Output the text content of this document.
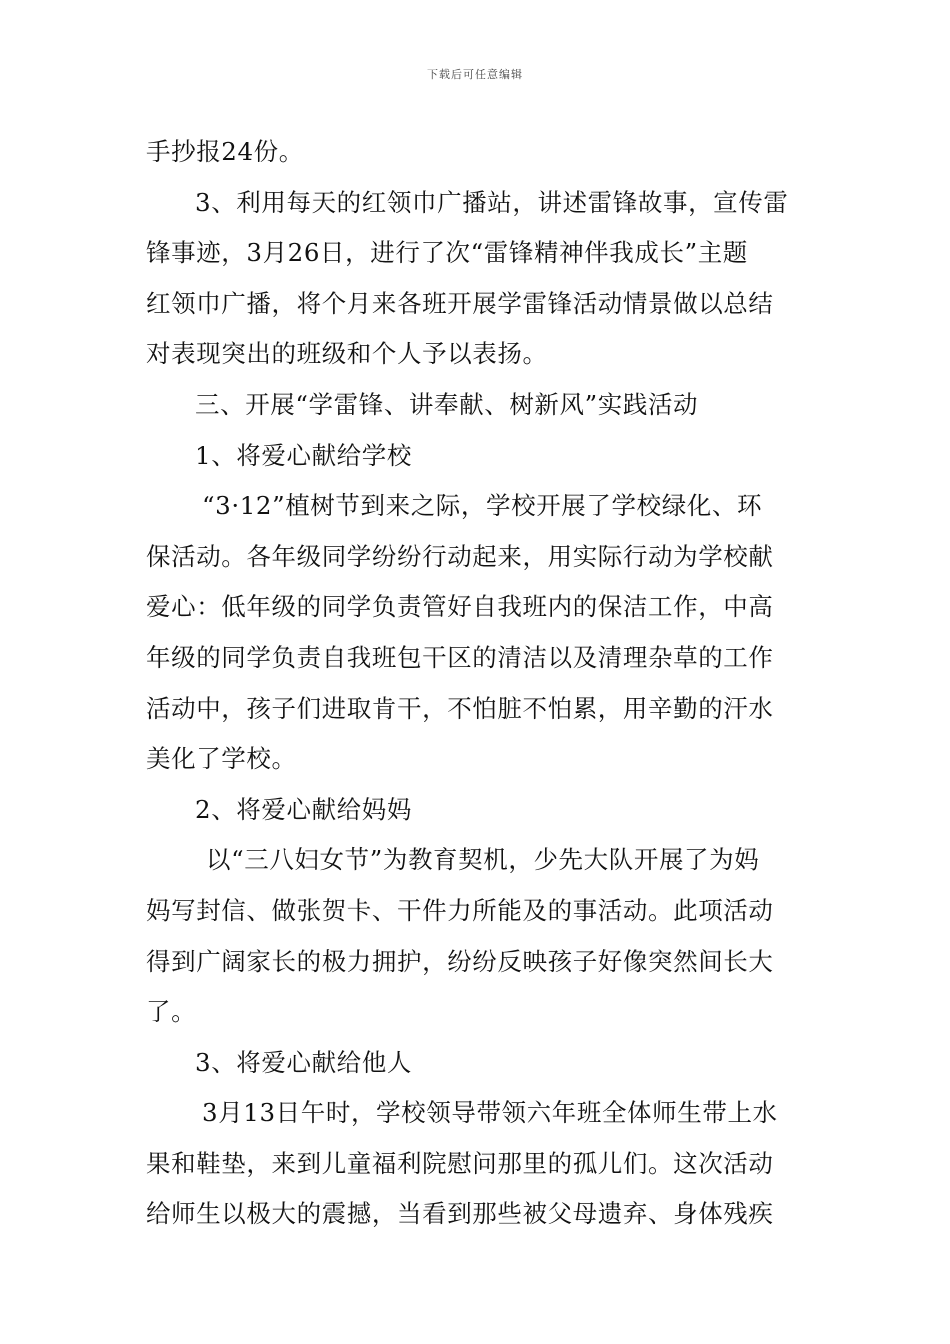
下载后可任意编辑
手抄报24份。
3、利用每天的红领巾广播站，讲述雷锋故事，宣传雷
锋事迹，3月26日，进行了次“雷锋精神伴我成长”主题
红领巾广播，将个月来各班开展学雷锋活动情景做以总结
对表现突出的班级和个人予以表扬。
三、开展“学雷锋、讲奉献、树新风”实践活动
1、将爱心献给学校
“3·12”植树节到来之际，学校开展了学校绿化、环
保活动。各年级同学纷纷行动起来，用实际行动为学校献
爱心：低年级的同学负责管好自我班内的保洁工作，中高
年级的同学负责自我班包干区的清洁以及清理杂草的工作
活动中，孩子们进取肯干，不怕脏不怕累，用辛勤的汗水
美化了学校。
2、将爱心献给妈妈
以“三八妇女节”为教育契机，少先大队开展了为妈
妈写封信、做张贺卡、干件力所能及的事活动。此项活动
得到广阔家长的极力拥护，纷纷反映孩子好像突然间长大
了。
3、将爱心献给他人
3月13日午时，学校领导带领六年班全体师生带上水
果和鞋垫，来到儿童福利院慰问那里的孤儿们。这次活动
给师生以极大的震撼，当看到那些被父母遗弃、身体残疾
